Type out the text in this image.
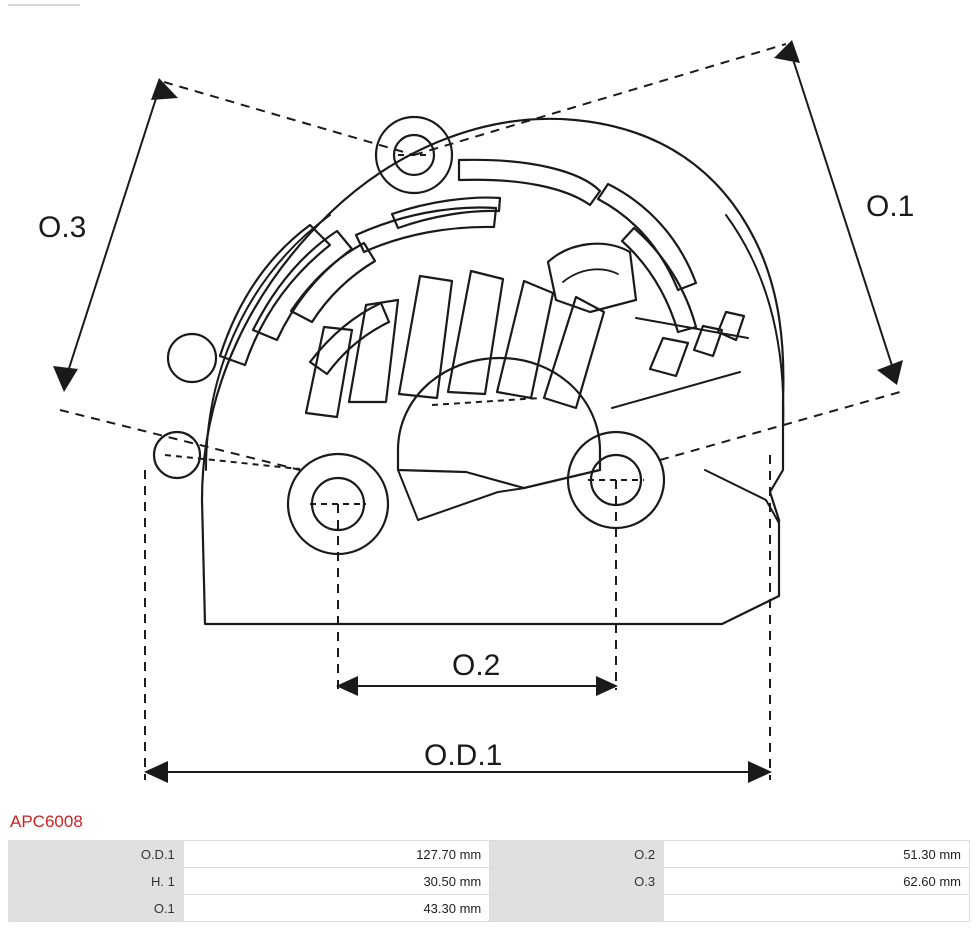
O.3
O.1
O.2
O.D.1
APC6008
O.D.1	127.70 mm	O.2	51.30 mm
H. 1	30.50 mm	O.3	62.60 mm
O.1	43.30 mm		
